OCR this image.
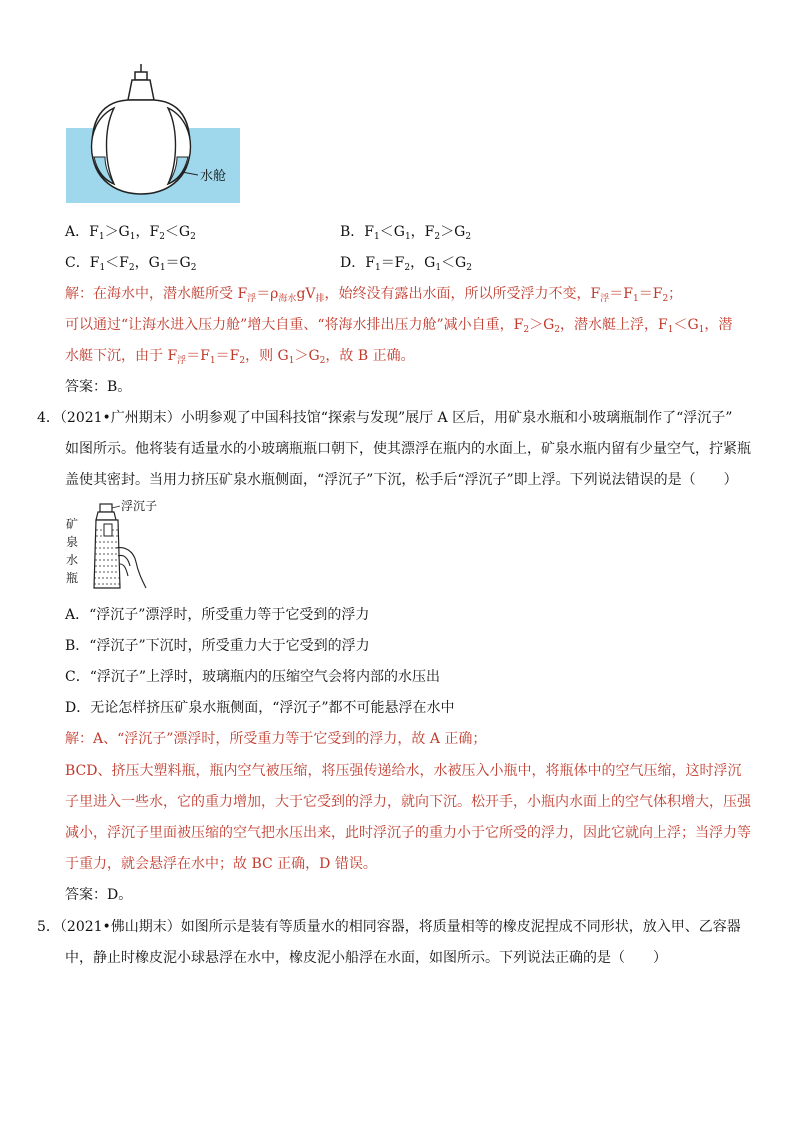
水舱
A．$F_1>G_1$，$F_2<G_2$	B．$F_1<G_1$，$F_2>G_2$
C．$F_1<F_2$，$G_1=G_2$	D．$F_1=F_2$，$G_1<G_2$
解：在海水中，潜水艇所受 $F_浮=\rho_{海水}gV_排$，始终没有露出水面，所以所受浮力不变，$F_浮=F_1=F_2$；
可以通过“让海水进入压力舱”增大自重、“将海水排出压力舱”减小自重，$F_2>G_2$，潜水艇上浮，$F_1<G_1$，潜
水艇下沉，由于 $F_浮=F_1=F_2$，则 $G_1>G_2$，故 B 正确。
答案：B。
4．（2021•广州期末）小明参观了中国科技馆“探索与发现”展厅 A 区后，用矿泉水瓶和小玻璃瓶制作了“浮沉子”
如图所示。他将装有适量水的小玻璃瓶瓶口朝下，使其漂浮在瓶内的水面上，矿泉水瓶内留有少量空气，拧紧瓶
盖使其密封。当用力挤压矿泉水瓶侧面，“浮沉子”下沉，松手后“浮沉子”即上浮。下列说法错误的是（　　）
浮沉子
矿
泉
水
瓶
A．“浮沉子”漂浮时，所受重力等于它受到的浮力
B．“浮沉子”下沉时，所受重力大于它受到的浮力
C．“浮沉子”上浮时，玻璃瓶内的压缩空气会将内部的水压出
D．无论怎样挤压矿泉水瓶侧面，“浮沉子”都不可能悬浮在水中
解：A、“浮沉子”漂浮时，所受重力等于它受到的浮力，故 A 正确；
BCD、挤压大塑料瓶，瓶内空气被压缩，将压强传递给水，水被压入小瓶中，将瓶体中的空气压缩，这时浮沉
子里进入一些水，它的重力增加，大于它受到的浮力，就向下沉。松开手，小瓶内水面上的空气体积增大，压强
减小，浮沉子里面被压缩的空气把水压出来，此时浮沉子的重力小于它所受的浮力，因此它就向上浮；当浮力等
于重力，就会悬浮在水中；故 BC 正确，D 错误。
答案：D。
5．（2021•佛山期末）如图所示是装有等质量水的相同容器，将质量相等的橡皮泥捏成不同形状，放入甲、乙容器
中，静止时橡皮泥小球悬浮在水中，橡皮泥小船浮在水面，如图所示。下列说法正确的是（　　）
